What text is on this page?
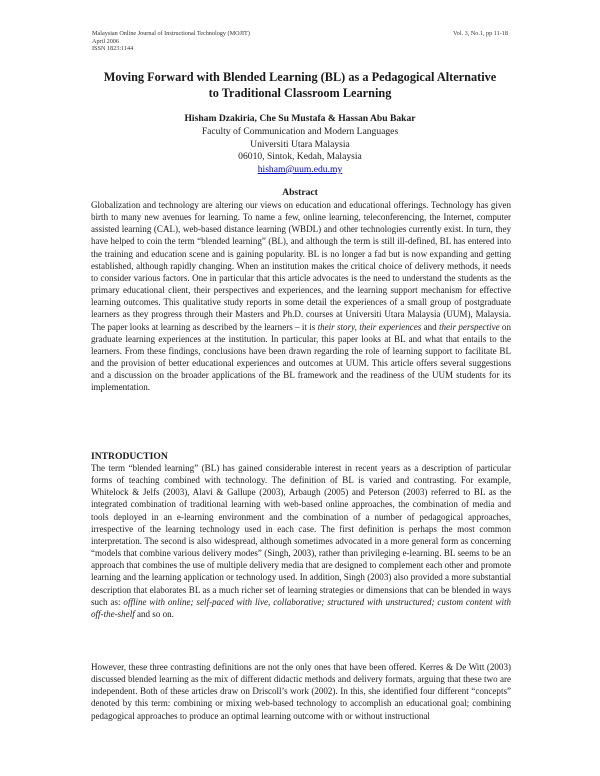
Malaysian Online Journal of Instructional Technology (MOJIT)
April 2006
ISSN 1823:1144
Vol. 3, No.1, pp 11-18
Moving Forward with Blended Learning (BL) as a Pedagogical Alternative
to Traditional Classroom Learning
Hisham Dzakiria, Che Su Mustafa & Hassan Abu Bakar
Faculty of Communication and Modern Languages
Universiti Utara Malaysia
06010, Sintok, Kedah, Malaysia
hisham@uum.edu.my
Abstract

Globalization and technology are altering our views on education and educational offerings. Technology has given birth to many new avenues for learning. To name a few, online learning, teleconferencing, the Internet, computer assisted learning (CAL), web-based distance learning (WBDL) and other technologies currently exist. In turn, they have helped to coin the term “blended learning” (BL), and although the term is still ill-defined, BL has entered into the training and education scene and is gaining popularity. BL is no longer a fad but is now expanding and getting established, although rapidly changing. When an institution makes the critical choice of delivery methods, it needs to consider various factors. One in particular that this article advocates is the need to understand the students as the primary educational client, their perspectives and experiences, and the learning support mechanism for effective learning outcomes. This qualitative study reports in some detail the experiences of a small group of postgraduate learners as they progress through their Masters and Ph.D. courses at Universiti Utara Malaysia (UUM), Malaysia. The paper looks at learning as described by the learners – it is their story, their experiences and their perspective on graduate learning experiences at the institution. In particular, this paper looks at BL and what that entails to the learners. From these findings, conclusions have been drawn regarding the role of learning support to facilitate BL and the provision of better educational experiences and outcomes at UUM. This article offers several suggestions and a discussion on the broader applications of the BL framework and the readiness of the UUM students for its implementation.

INTRODUCTION

The term “blended learning” (BL) has gained considerable interest in recent years as a description of particular forms of teaching combined with technology. The definition of BL is varied and contrasting. For example, Whitelock & Jelfs (2003), Alavi & Gallupe (2003), Arbaugh (2005) and Peterson (2003) referred to BL as the integrated combination of traditional learning with web-based online approaches, the combination of media and tools deployed in an e-learning environment and the combination of a number of pedagogical approaches, irrespective of the learning technology used in each case. The first definition is perhaps the most common interpretation. The second is also widespread, although sometimes advocated in a more general form as concerning “models that combine various delivery modes” (Singh, 2003), rather than privileging e-learning. BL seems to be an approach that combines the use of multiple delivery media that are designed to complement each other and promote learning and the learning application or technology used. In addition, Singh (2003) also provided a more substantial description that elaborates BL as a much richer set of learning strategies or dimensions that can be blended in ways such as: offline with online; self-paced with live, collaborative; structured with unstructured; custom content with off-the-shelf and so on.

However, these three contrasting definitions are not the only ones that have been offered. Kerres & De Witt (2003) discussed blended learning as the mix of different didactic methods and delivery formats, arguing that these two are independent. Both of these articles draw on Driscoll’s work (2002). In this, she identified four different “concepts” denoted by this term: combining or mixing web-based technology to accomplish an educational goal; combining pedagogical approaches to produce an optimal learning outcome with or without instructional
